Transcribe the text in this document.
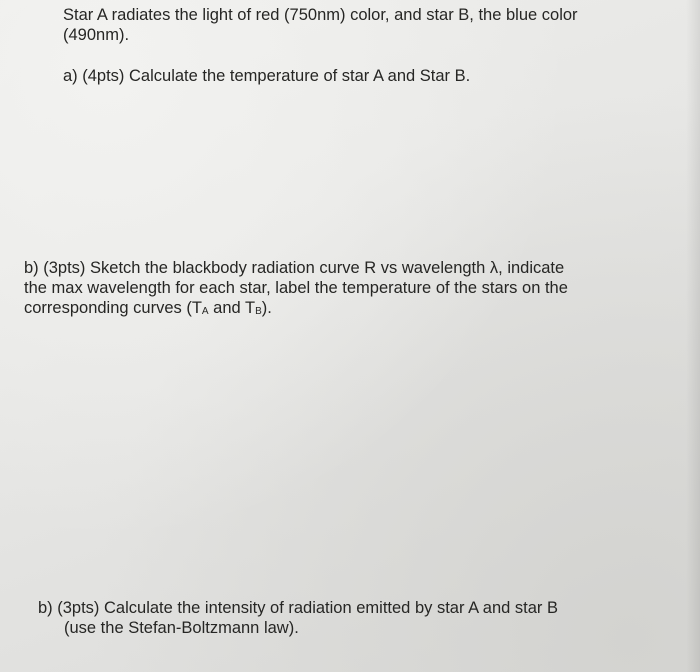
Star A radiates the light of red (750nm) color, and star B, the blue color
(490nm).
a) (4pts) Calculate the temperature of star A and Star B.
b) (3pts) Sketch the blackbody radiation curve R vs wavelength λ, indicate
the max wavelength for each star, label the temperature of the stars on the
corresponding curves ($T_A$ and $T_B$).
b) (3pts) Calculate the intensity of radiation emitted by star A and star B
(use the Stefan-Boltzmann law).
